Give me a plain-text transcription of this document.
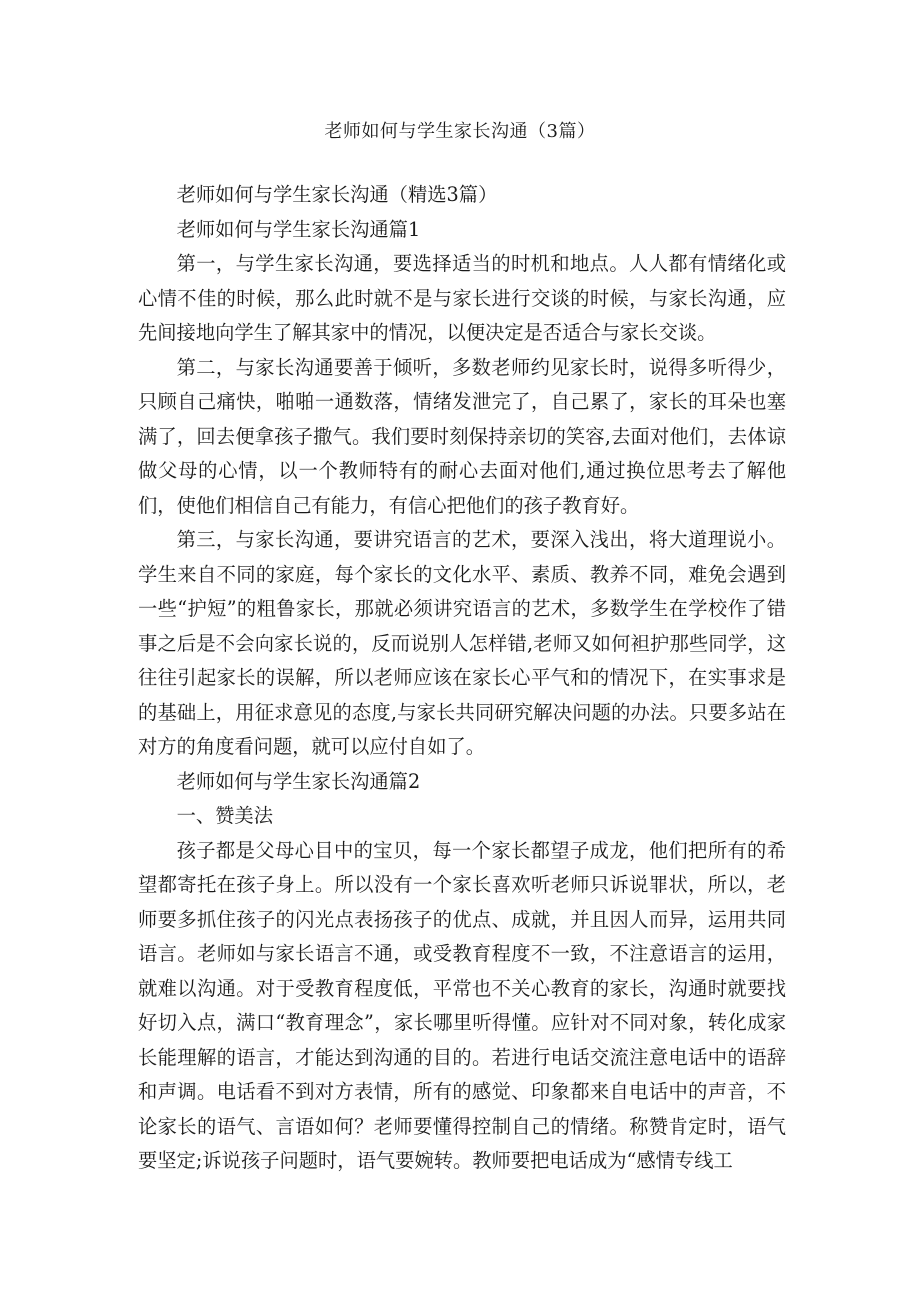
老师如何与学生家长沟通（3篇）

老师如何与学生家长沟通（精选3篇）

老师如何与学生家长沟通篇1

第一，与学生家长沟通，要选择适当的时机和地点。人人都有情绪化或心情不佳的时候，那么此时就不是与家长进行交谈的时候，与家长沟通，应先间接地向学生了解其家中的情况，以便决定是否适合与家长交谈。

第二，与家长沟通要善于倾听，多数老师约见家长时，说得多听得少，只顾自己痛快，啪啪一通数落，情绪发泄完了，自己累了，家长的耳朵也塞满了，回去便拿孩子撒气。我们要时刻保持亲切的笑容,去面对他们，去体谅做父母的心情，以一个教师特有的耐心去面对他们,通过换位思考去了解他们，使他们相信自己有能力，有信心把他们的孩子教育好。

第三，与家长沟通，要讲究语言的艺术，要深入浅出，将大道理说小。学生来自不同的家庭，每个家长的文化水平、素质、教养不同，难免会遇到一些“护短”的粗鲁家长，那就必须讲究语言的艺术，多数学生在学校作了错事之后是不会向家长说的，反而说别人怎样错,老师又如何袒护那些同学，这往往引起家长的误解，所以老师应该在家长心平气和的情况下，在实事求是的基础上，用征求意见的态度,与家长共同研究解决问题的办法。只要多站在对方的角度看问题，就可以应付自如了。

老师如何与学生家长沟通篇2

一、赞美法

孩子都是父母心目中的宝贝，每一个家长都望子成龙，他们把所有的希望都寄托在孩子身上。所以没有一个家长喜欢听老师只诉说罪状，所以，老师要多抓住孩子的闪光点表扬孩子的优点、成就，并且因人而异，运用共同语言。老师如与家长语言不通，或受教育程度不一致，不注意语言的运用，就难以沟通。对于受教育程度低，平常也不关心教育的家长，沟通时就要找好切入点，满口“教育理念”，家长哪里听得懂。应针对不同对象，转化成家长能理解的语言，才能达到沟通的目的。若进行电话交流注意电话中的语辞和声调。电话看不到对方表情，所有的感觉、印象都来自电话中的声音，不论家长的语气、言语如何？老师要懂得控制自己的情绪。称赞肯定时，语气要坚定;诉说孩子问题时，语气要婉转。教师要把电话成为“感情专线工
